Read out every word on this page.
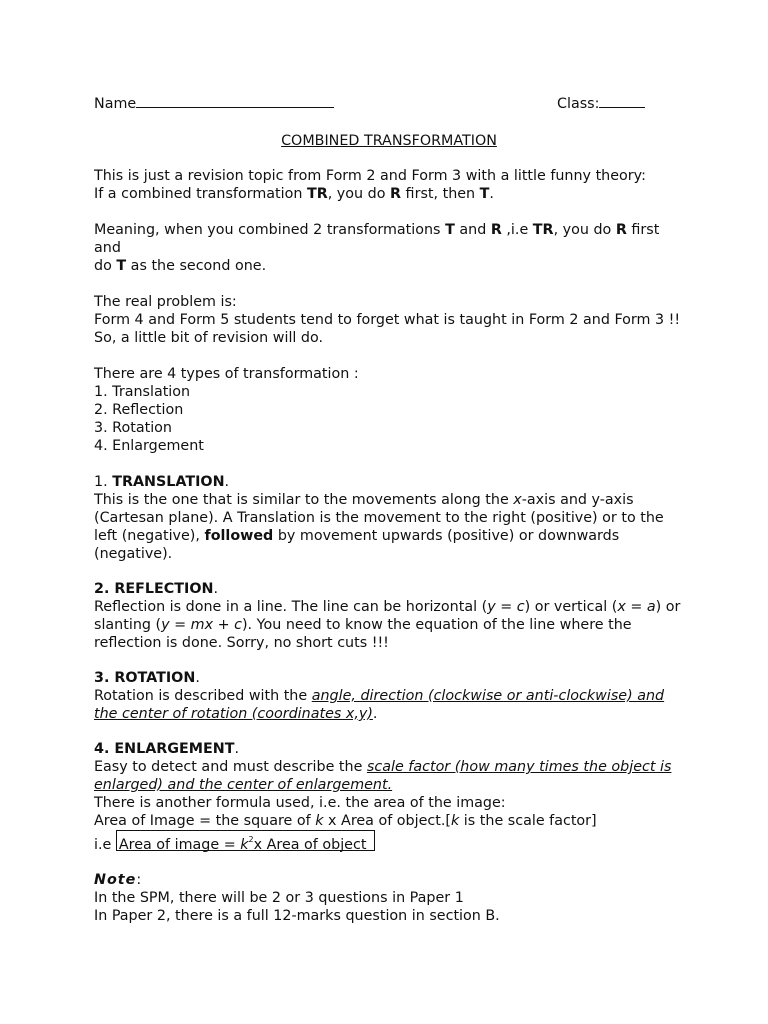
Name	Class:
COMBINED TRANSFORMATION

This is just a revision topic from Form 2 and Form 3 with a little funny theory:

If a combined transformation TR, you do R first, then T.

Meaning, when you combined 2 transformations T and R ,i.e TR, you do R first and

do T as the second one.

The real problem is:

Form 4 and Form 5 students tend to forget what is taught in Form 2 and Form 3 !!

So, a little bit of revision will do.

There are 4 types of transformation :

1. Translation

2. Reflection

3. Rotation

4. Enlargement

1. TRANSLATION.

This is the one that is similar to the movements along the x-axis and y-axis

(Cartesan plane). A Translation is the movement to the right (positive) or to the

left (negative), followed by movement upwards (positive) or downwards

(negative).

2. REFLECTION.

Reflection is done in a line. The line can be horizontal (y = c) or vertical (x = a) or

slanting (y = mx + c). You need to know the equation of the line where the

reflection is done. Sorry, no short cuts !!!

3. ROTATION.

Rotation is described with the angle, direction (clockwise or anti-clockwise) and

the center of rotation (coordinates x,y).

4. ENLARGEMENT.

Easy to detect and must describe the scale factor (how many times the object is

enlarged) and the center of enlargement.

There is another formula used, i.e. the area of the image:

Area of Image = the square of k x Area of object.[k is the scale factor]

i.e Area of image = $k^2x$ Area of object

Note:

In the SPM, there will be 2 or 3 questions in Paper 1

In Paper 2, there is a full 12-marks question in section B.
